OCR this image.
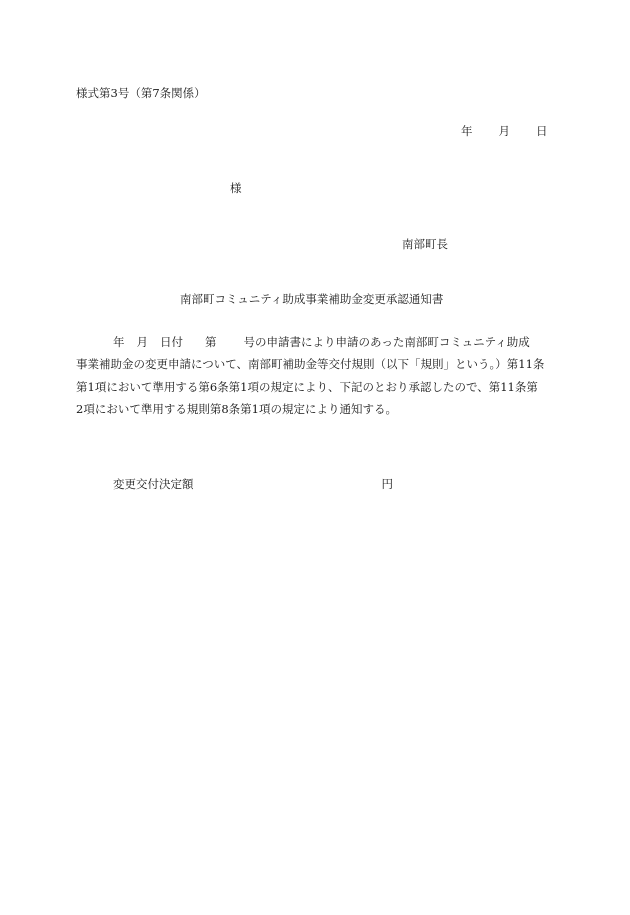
様式第3号（第7条関係）
年 月 日
様
南部町長
南部町コミュニティ助成事業補助金変更承認通知書
年 月 日付 第 号の申請書により申請のあった南部町コミュニティ助成
事業補助金の変更申請について、南部町補助金等交付規則（以下「規則」という。）第11条
第1項において準用する第6条第1項の規定により、下記のとおり承認したので、第11条第
2項において準用する規則第8条第1項の規定により通知する。
変更交付決定額	円
